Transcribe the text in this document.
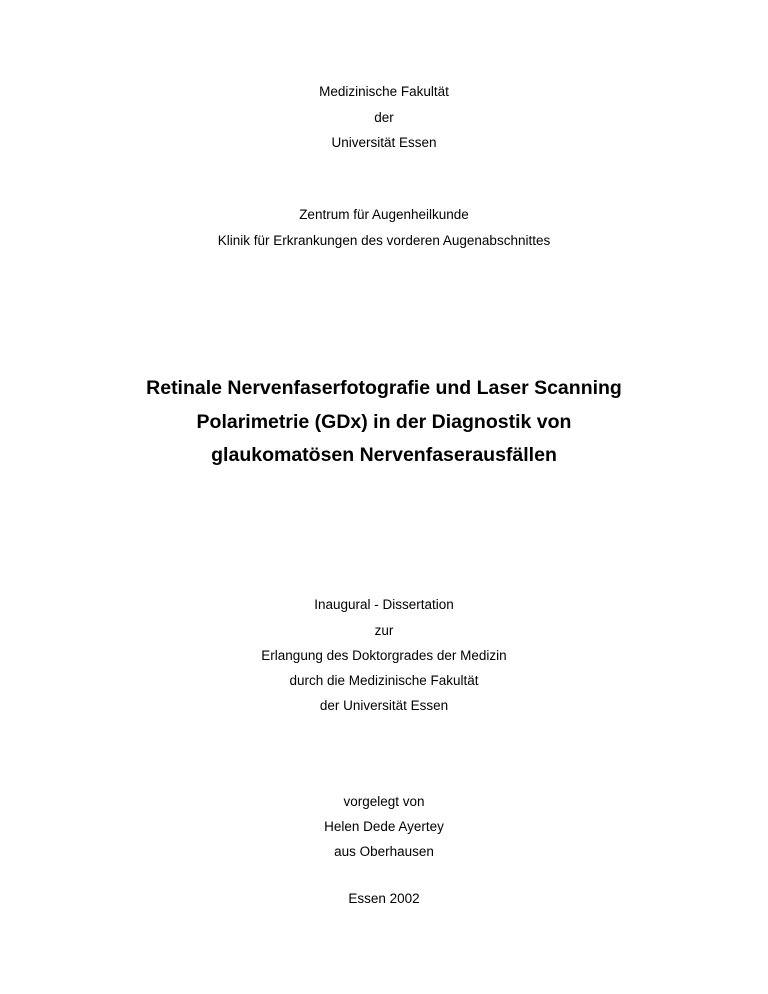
Medizinische Fakultät
der
Universität Essen
Zentrum für Augenheilkunde
Klinik für Erkrankungen des vorderen Augenabschnittes
Retinale Nervenfaserfotografie und Laser Scanning
Polarimetrie (GDx) in der Diagnostik von
glaukomatösen Nervenfaserausfällen
Inaugural - Dissertation
zur
Erlangung des Doktorgrades der Medizin
durch die Medizinische Fakultät
der Universität Essen
vorgelegt von
Helen Dede Ayertey
aus Oberhausen
Essen 2002
